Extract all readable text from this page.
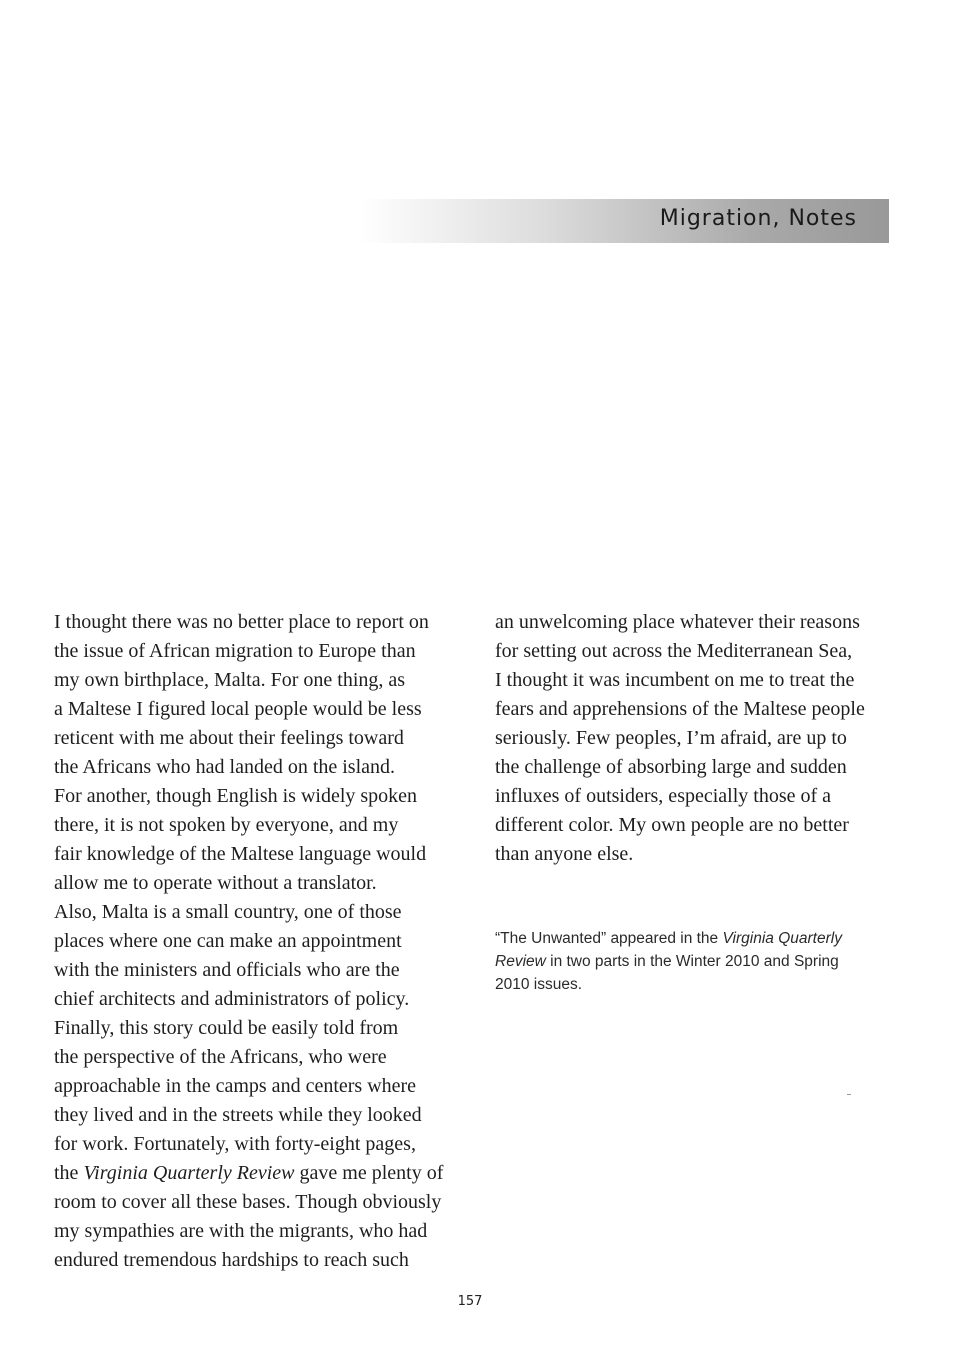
Migration, Notes
I thought there was no better place to report on
the issue of African migration to Europe than
my own birthplace, Malta. For one thing, as
a Maltese I figured local people would be less
reticent with me about their feelings toward
the Africans who had landed on the island.
For another, though English is widely spoken
there, it is not spoken by everyone, and my
fair knowledge of the Maltese language would
allow me to operate without a translator.
Also, Malta is a small country, one of those
places where one can make an appointment
with the ministers and officials who are the
chief architects and administrators of policy.
Finally, this story could be easily told from
the perspective of the Africans, who were
approachable in the camps and centers where
they lived and in the streets while they looked
for work. Fortunately, with forty-eight pages,
the Virginia Quarterly Review gave me plenty of
room to cover all these bases. Though obviously
my sympathies are with the migrants, who had
endured tremendous hardships to reach such
an unwelcoming place whatever their reasons
for setting out across the Mediterranean Sea,
I thought it was incumbent on me to treat the
fears and apprehensions of the Maltese people
seriously. Few peoples, I’m afraid, are up to
the challenge of absorbing large and sudden
influxes of outsiders, especially those of a
different color. My own people are no better
than anyone else.
“The Unwanted” appeared in the Virginia Quarterly
Review in two parts in the Winter 2010 and Spring
2010 issues.
157
